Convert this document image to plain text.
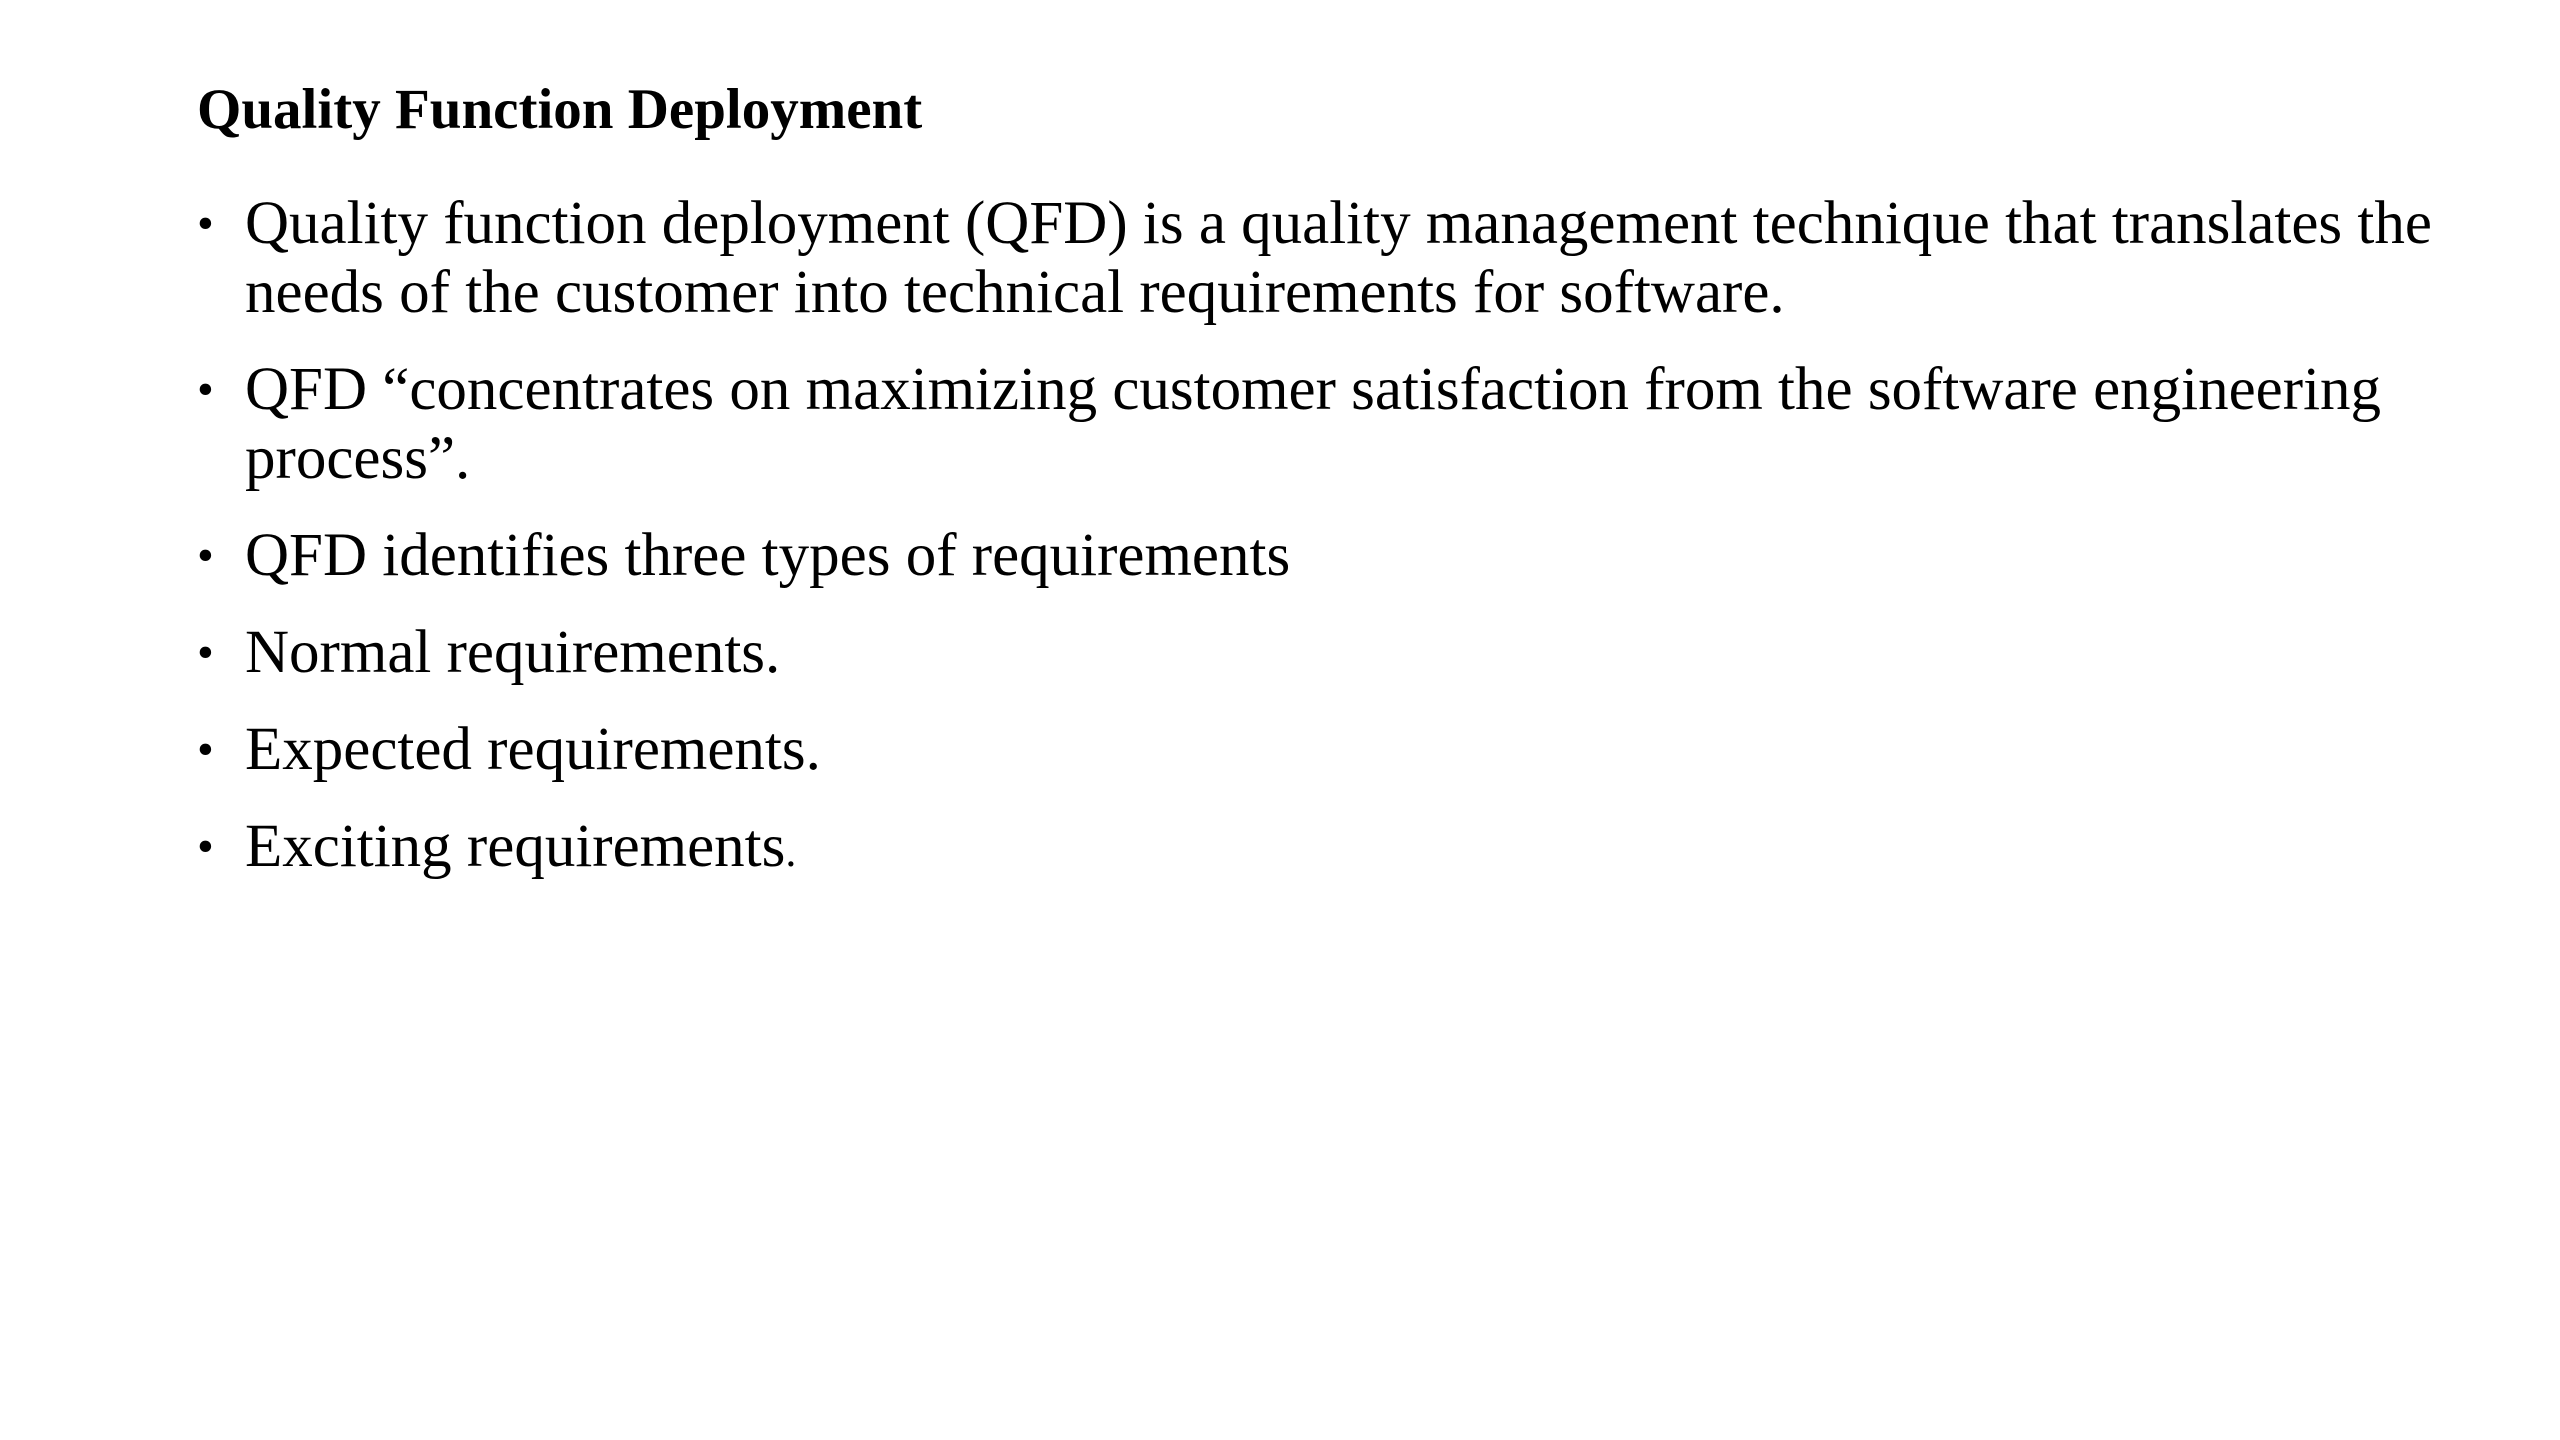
Quality Function Deployment
• Quality function deployment (QFD) is a quality management technique that translates the needs of the customer into technical requirements for software.
• QFD “concentrates on maximizing customer satisfaction from the software engineering process”.
• QFD identifies three types of requirements
• Normal requirements.
• Expected requirements.
• Exciting requirements.
